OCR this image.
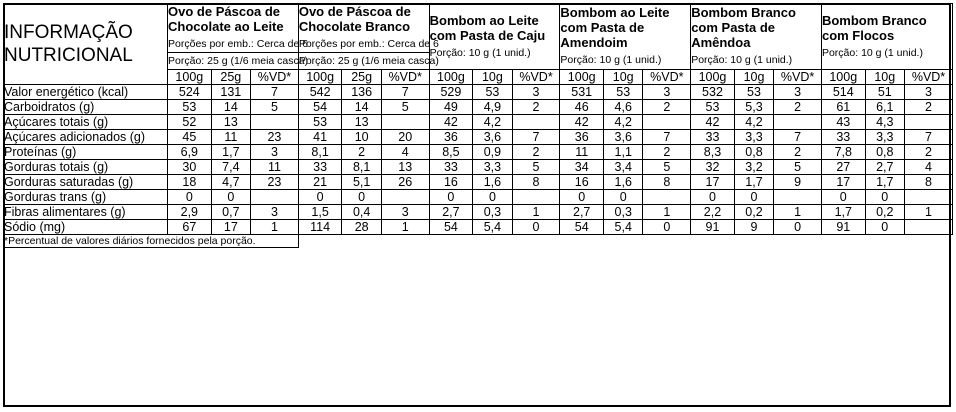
INFORMAÇÃO
NUTRICIONAL

Ovo de Páscoa de Chocolate ao Leite
Porções por emb.: Cerca de 6
Porção: 25 g (1/6 meia casca)

Ovo de Páscoa de Chocolate Branco
Porções por emb.: Cerca de 6
Porção: 25 g (1/6 meia casca)

Bombom ao Leite com Pasta de Caju
Porção: 10 g (1 unid.)

Bombom ao Leite com Pasta de Amendoim
Porção: 10 g (1 unid.)

Bombom Branco com Pasta de Amêndoa
Porção: 10 g (1 unid.)

Bombom Branco com Flocos
Porção: 10 g (1 unid.)

	100g	25g	%VD*	100g	25g	%VD*	100g	10g	%VD*	100g	10g	%VD*	100g	10g	%VD*	100g	10g	%VD*
Valor energético (kcal)	524	131	7	542	136	7	529	53	3	531	53	3	532	53	3	514	51	3
Carboidratos (g)	53	14	5	54	14	5	49	4,9	2	46	4,6	2	53	5,3	2	61	6,1	2
Açúcares totais (g)	52	13		53	13		42	4,2		42	4,2		42	4,2		43	4,3	
Açúcares adicionados (g)	45	11	23	41	10	20	36	3,6	7	36	3,6	7	33	3,3	7	33	3,3	7
Proteínas (g)	6,9	1,7	3	8,1	2	4	8,5	0,9	2	11	1,1	2	8,3	0,8	2	7,8	0,8	2
Gorduras totais (g)	30	7,4	11	33	8,1	13	33	3,3	5	34	3,4	5	32	3,2	5	27	2,7	4
Gorduras saturadas (g)	18	4,7	23	21	5,1	26	16	1,6	8	16	1,6	8	17	1,7	9	17	1,7	8
Gorduras trans (g)	0	0		0	0		0	0		0	0		0	0		0	0	
Fibras alimentares (g)	2,9	0,7	3	1,5	0,4	3	2,7	0,3	1	2,7	0,3	1	2,2	0,2	1	1,7	0,2	1
Sódio (mg)	67	17	1	114	28	1	54	5,4	0	54	5,4	0	91	9	0	91	0	
*Percentual de valores diários fornecidos pela porção.																		
